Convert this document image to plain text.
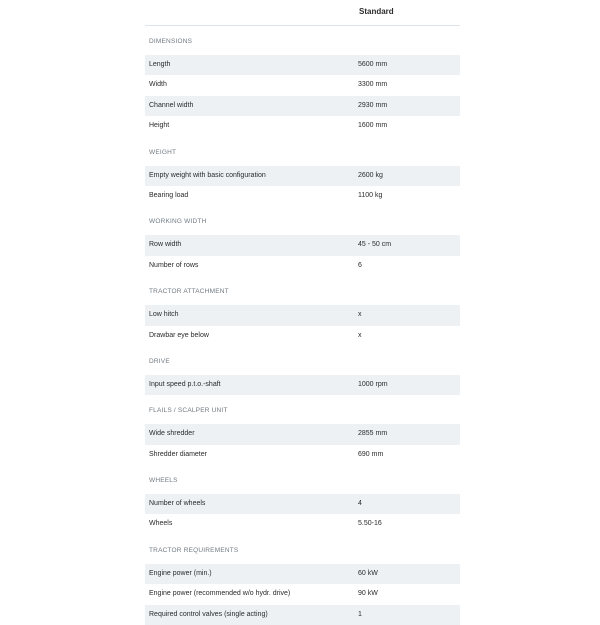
Standard
DIMENSIONS
Length	5600 mm
Width	3300 mm
Channel width	2930 mm
Height	1600 mm
WEIGHT
Empty weight with basic configuration	2600 kg
Bearing load	1100 kg
WORKING WIDTH
Row width	45 - 50 cm
Number of rows	6
TRACTOR ATTACHMENT
Low hitch	x
Drawbar eye below	x
DRIVE
Input speed p.t.o.-shaft	1000 rpm
FLAILS / SCALPER UNIT
Wide shredder	2855 mm
Shredder diameter	690 mm
WHEELS
Number of wheels	4
Wheels	5.50-16
TRACTOR REQUIREMENTS
Engine power (min.)	60 kW
Engine power (recommended w/o hydr. drive)	90 kW
Required control valves (single acting)	1
